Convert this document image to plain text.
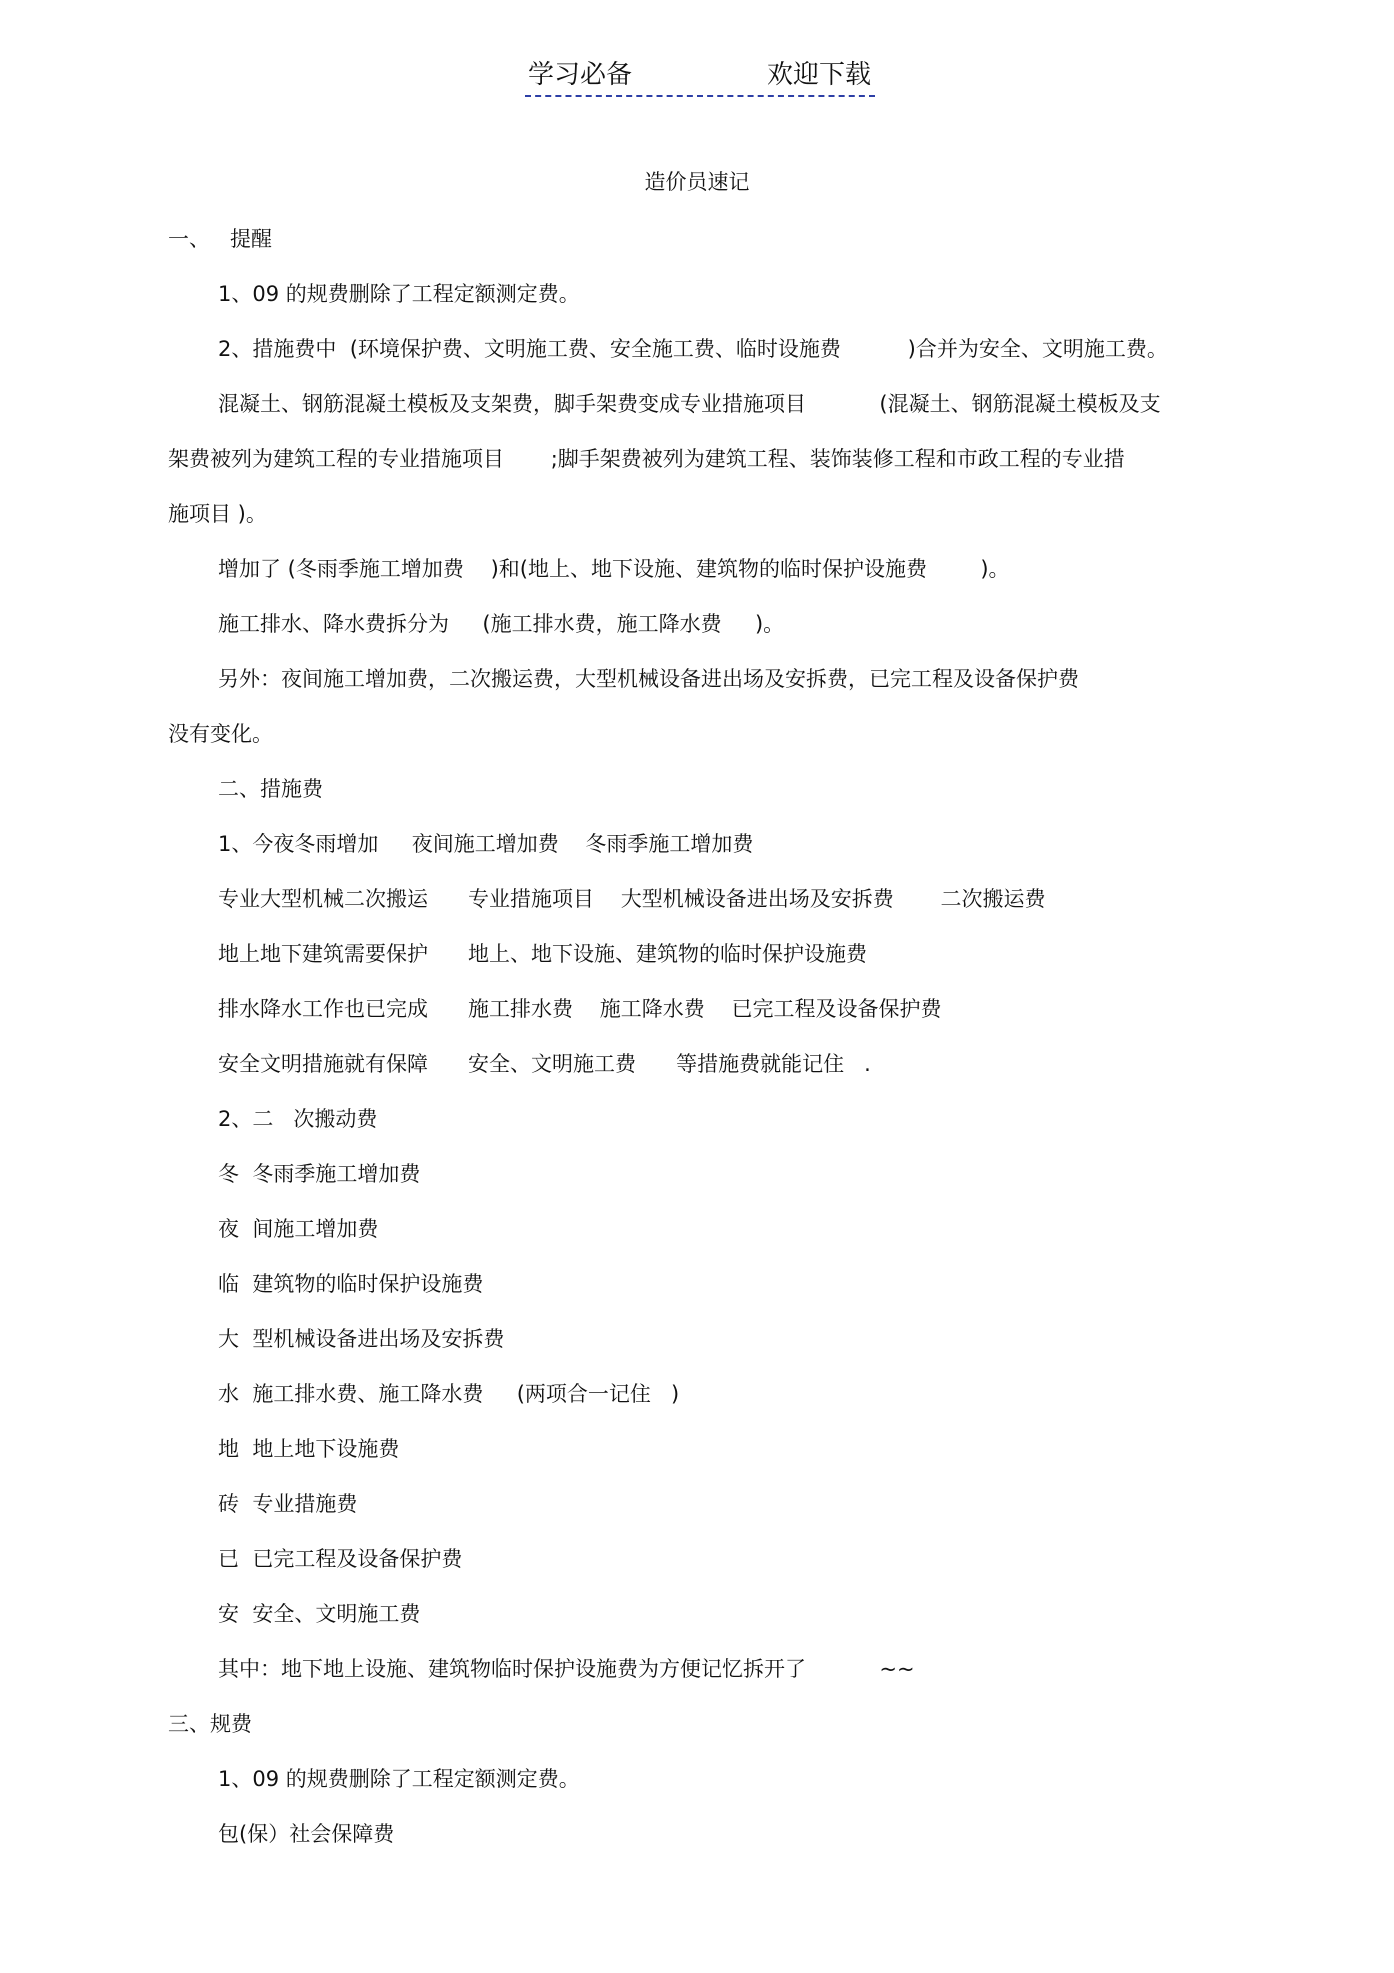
学习必备	欢迎下载
造价员速记
一、   提醒
1、09 的规费删除了工程定额测定费。
2、措施费中  (环境保护费、文明施工费、安全施工费、临时设施费          )合并为安全、文明施工费。
混凝土、钢筋混凝土模板及支架费，脚手架费变成专业措施项目           (混凝土、钢筋混凝土模板及支
架费被列为建筑工程的专业措施项目       ;脚手架费被列为建筑工程、装饰装修工程和市政工程的专业措
施项目 )。
增加了 (冬雨季施工增加费    )和(地上、地下设施、建筑物的临时保护设施费        )。
施工排水、降水费拆分为     (施工排水费，施工降水费     )。
另外：夜间施工增加费，二次搬运费，大型机械设备进出场及安拆费，已完工程及设备保护费
没有变化。
二、措施费
1、今夜冬雨增加     夜间施工增加费    冬雨季施工增加费
专业大型机械二次搬运      专业措施项目    大型机械设备进出场及安拆费       二次搬运费
地上地下建筑需要保护      地上、地下设施、建筑物的临时保护设施费
排水降水工作也已完成      施工排水费    施工降水费    已完工程及设备保护费
安全文明措施就有保障      安全、文明施工费      等措施费就能记住   .
2、二   次搬动费
冬  冬雨季施工增加费
夜  间施工增加费
临  建筑物的临时保护设施费
大  型机械设备进出场及安拆费
水  施工排水费、施工降水费     (两项合一记住   )
地  地上地下设施费
砖  专业措施费
已  已完工程及设备保护费
安  安全、文明施工费
其中：地下地上设施、建筑物临时保护设施费为方便记忆拆开了           ~~
三、规费
1、09 的规费删除了工程定额测定费。
包(保）社会保障费
